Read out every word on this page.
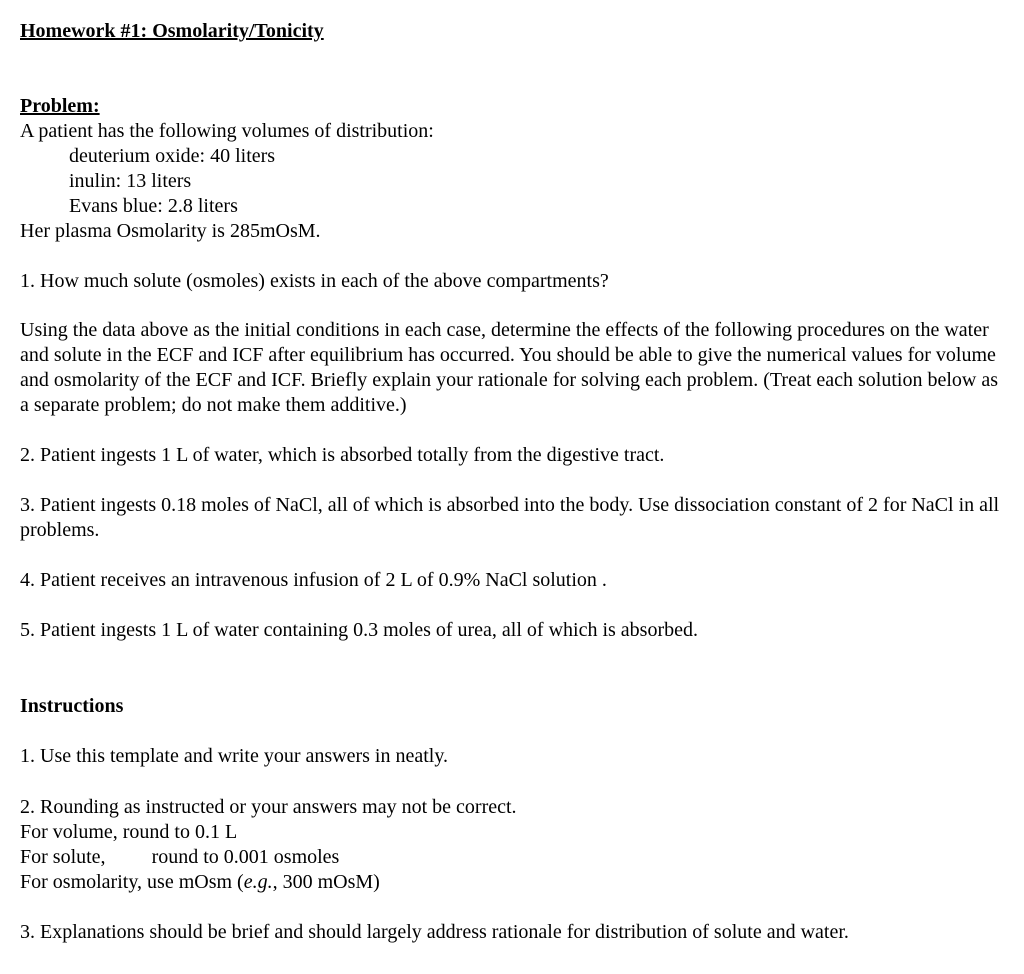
Homework #1: Osmolarity/Tonicity
Problem:
A patient has the following volumes of distribution:
deuterium oxide: 40 liters
inulin: 13 liters
Evans blue: 2.8 liters
Her plasma Osmolarity is 285mOsM.
1. How much solute (osmoles) exists in each of the above compartments?
Using the data above as the initial conditions in each case, determine the effects of the following procedures on the water and solute in the ECF and ICF after equilibrium has occurred. You should be able to give the numerical values for volume and osmolarity of the ECF and ICF. Briefly explain your rationale for solving each problem. (Treat each solution below as a separate problem; do not make them additive.)
2. Patient ingests 1 L of water, which is absorbed totally from the digestive tract.
3. Patient ingests 0.18 moles of NaCl, all of which is absorbed into the body. Use dissociation constant of 2 for NaCl in all problems.
4. Patient receives an intravenous infusion of 2 L of 0.9% NaCl solution .
5. Patient ingests 1 L of water containing 0.3 moles of urea, all of which is absorbed.
Instructions
1. Use this template and write your answers in neatly.
2. Rounding as instructed or your answers may not be correct.
For volume, round to 0.1 L
For solute, round to 0.001 osmoles
For osmolarity, use mOsm (e.g., 300 mOsM)
3. Explanations should be brief and should largely address rationale for distribution of solute and water.
